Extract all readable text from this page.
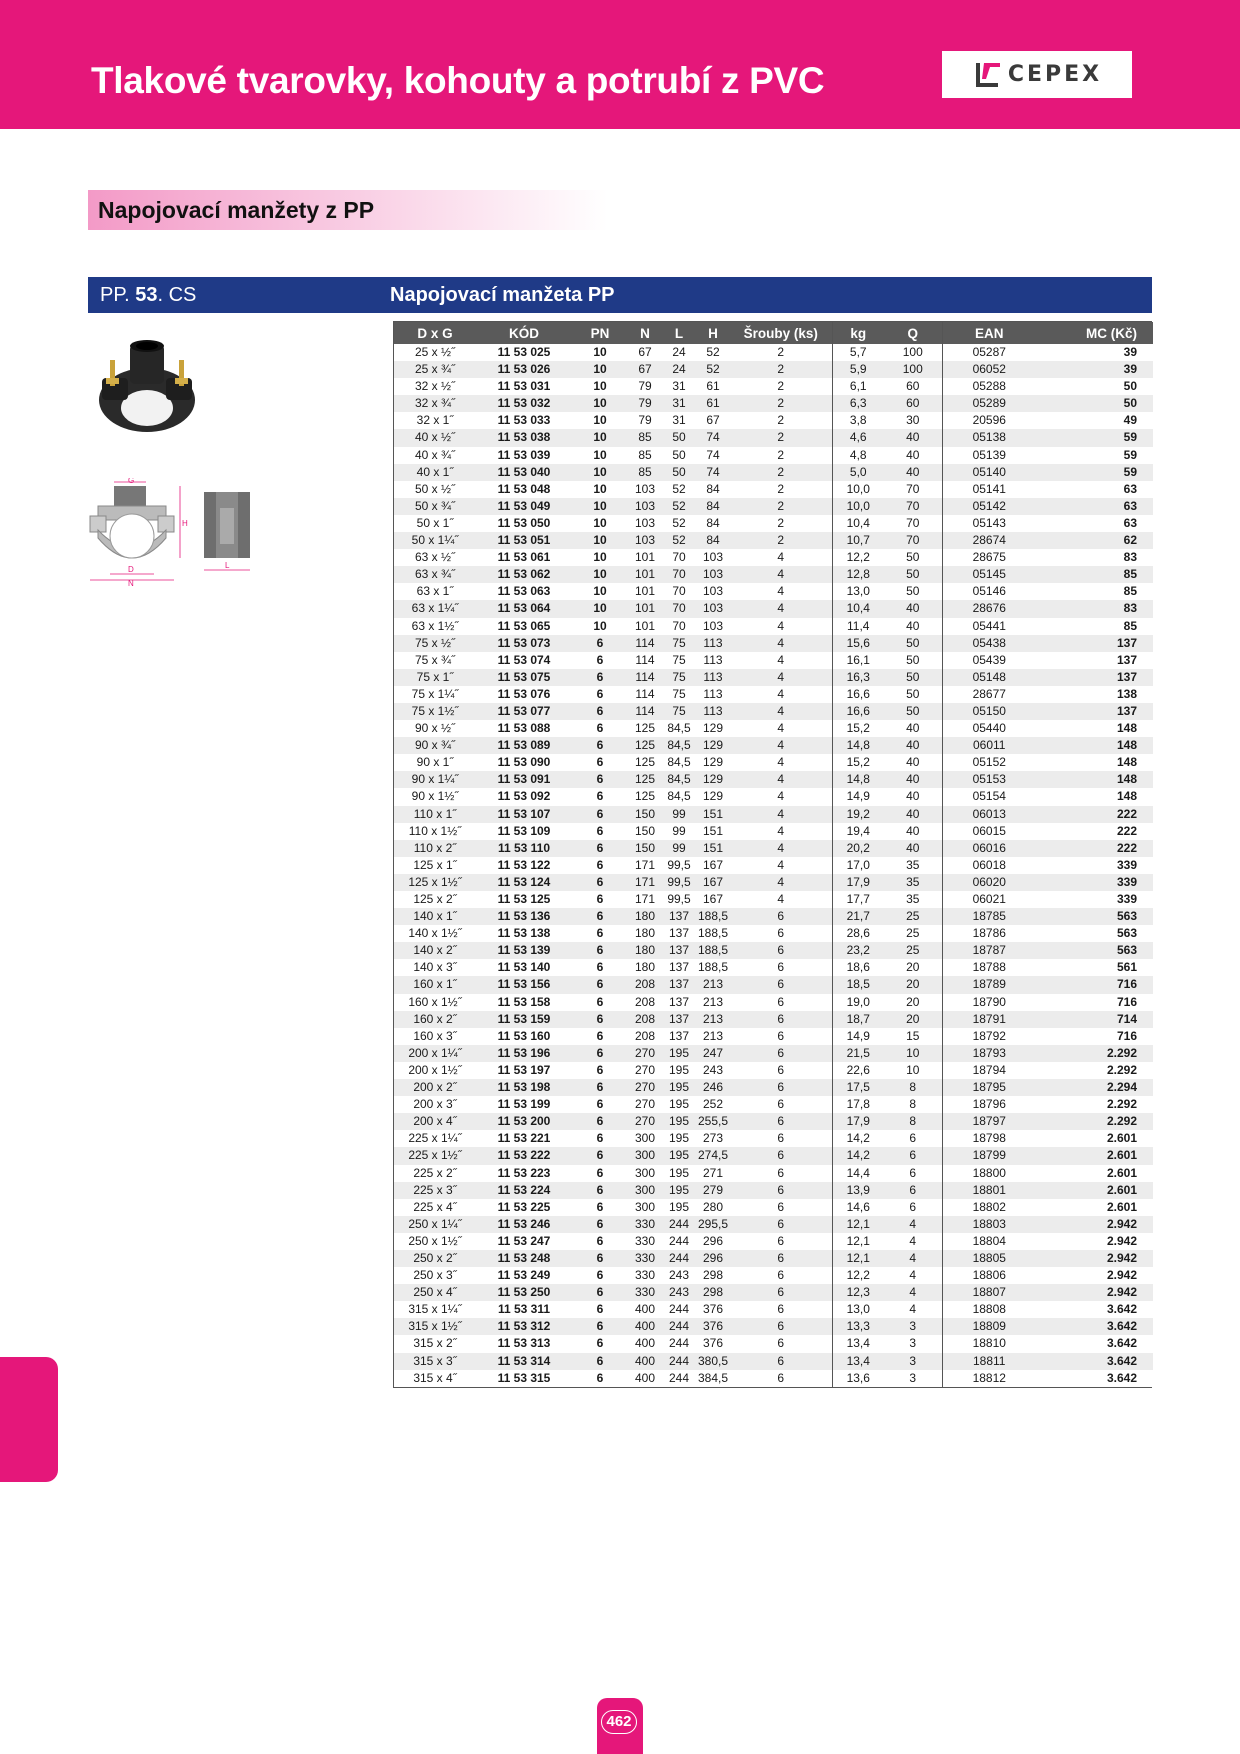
Tlakové tvarovky, kohouty a potrubí z PVC	CEPEX
Napojovací manžety z PP
PP. 53. CS	Napojovací manžeta PP
G
D
N
H
L
D x G	KÓD	PN	N	L	H	Šrouby (ks)	kg	Q	EAN	MC (Kč)
25 x ½˝	11 53 025	10	67	24	52	2	5,7	100	05287	39
25 x ¾˝	11 53 026	10	67	24	52	2	5,9	100	06052	39
32 x ½˝	11 53 031	10	79	31	61	2	6,1	60	05288	50
32 x ¾˝	11 53 032	10	79	31	61	2	6,3	60	05289	50
32 x 1˝	11 53 033	10	79	31	67	2	3,8	30	20596	49
40 x ½˝	11 53 038	10	85	50	74	2	4,6	40	05138	59
40 x ¾˝	11 53 039	10	85	50	74	2	4,8	40	05139	59
40 x 1˝	11 53 040	10	85	50	74	2	5,0	40	05140	59
50 x ½˝	11 53 048	10	103	52	84	2	10,0	70	05141	63
50 x ¾˝	11 53 049	10	103	52	84	2	10,0	70	05142	63
50 x 1˝	11 53 050	10	103	52	84	2	10,4	70	05143	63
50 x 1¼˝	11 53 051	10	103	52	84	2	10,7	70	28674	62
63 x ½˝	11 53 061	10	101	70	103	4	12,2	50	28675	83
63 x ¾˝	11 53 062	10	101	70	103	4	12,8	50	05145	85
63 x 1˝	11 53 063	10	101	70	103	4	13,0	50	05146	85
63 x 1¼˝	11 53 064	10	101	70	103	4	10,4	40	28676	83
63 x 1½˝	11 53 065	10	101	70	103	4	11,4	40	05441	85
75 x ½˝	11 53 073	6	114	75	113	4	15,6	50	05438	137
75 x ¾˝	11 53 074	6	114	75	113	4	16,1	50	05439	137
75 x 1˝	11 53 075	6	114	75	113	4	16,3	50	05148	137
75 x 1¼˝	11 53 076	6	114	75	113	4	16,6	50	28677	138
75 x 1½˝	11 53 077	6	114	75	113	4	16,6	50	05150	137
90 x ½˝	11 53 088	6	125	84,5	129	4	15,2	40	05440	148
90 x ¾˝	11 53 089	6	125	84,5	129	4	14,8	40	06011	148
90 x 1˝	11 53 090	6	125	84,5	129	4	15,2	40	05152	148
90 x 1¼˝	11 53 091	6	125	84,5	129	4	14,8	40	05153	148
90 x 1½˝	11 53 092	6	125	84,5	129	4	14,9	40	05154	148
110 x 1˝	11 53 107	6	150	99	151	4	19,2	40	06013	222
110 x 1½˝	11 53 109	6	150	99	151	4	19,4	40	06015	222
110 x 2˝	11 53 110	6	150	99	151	4	20,2	40	06016	222
125 x 1˝	11 53 122	6	171	99,5	167	4	17,0	35	06018	339
125 x 1½˝	11 53 124	6	171	99,5	167	4	17,9	35	06020	339
125 x 2˝	11 53 125	6	171	99,5	167	4	17,7	35	06021	339
140 x 1˝	11 53 136	6	180	137	188,5	6	21,7	25	18785	563
140 x 1½˝	11 53 138	6	180	137	188,5	6	28,6	25	18786	563
140 x 2˝	11 53 139	6	180	137	188,5	6	23,2	25	18787	563
140 x 3˝	11 53 140	6	180	137	188,5	6	18,6	20	18788	561
160 x 1˝	11 53 156	6	208	137	213	6	18,5	20	18789	716
160 x 1½˝	11 53 158	6	208	137	213	6	19,0	20	18790	716
160 x 2˝	11 53 159	6	208	137	213	6	18,7	20	18791	714
160 x 3˝	11 53 160	6	208	137	213	6	14,9	15	18792	716
200 x 1¼˝	11 53 196	6	270	195	247	6	21,5	10	18793	2.292
200 x 1½˝	11 53 197	6	270	195	243	6	22,6	10	18794	2.292
200 x 2˝	11 53 198	6	270	195	246	6	17,5	8	18795	2.294
200 x 3˝	11 53 199	6	270	195	252	6	17,8	8	18796	2.292
200 x 4˝	11 53 200	6	270	195	255,5	6	17,9	8	18797	2.292
225 x 1¼˝	11 53 221	6	300	195	273	6	14,2	6	18798	2.601
225 x 1½˝	11 53 222	6	300	195	274,5	6	14,2	6	18799	2.601
225 x 2˝	11 53 223	6	300	195	271	6	14,4	6	18800	2.601
225 x 3˝	11 53 224	6	300	195	279	6	13,9	6	18801	2.601
225 x 4˝	11 53 225	6	300	195	280	6	14,6	6	18802	2.601
250 x 1¼˝	11 53 246	6	330	244	295,5	6	12,1	4	18803	2.942
250 x 1½˝	11 53 247	6	330	244	296	6	12,1	4	18804	2.942
250 x 2˝	11 53 248	6	330	244	296	6	12,1	4	18805	2.942
250 x 3˝	11 53 249	6	330	243	298	6	12,2	4	18806	2.942
250 x 4˝	11 53 250	6	330	243	298	6	12,3	4	18807	2.942
315 x 1¼˝	11 53 311	6	400	244	376	6	13,0	4	18808	3.642
315 x 1½˝	11 53 312	6	400	244	376	6	13,3	3	18809	3.642
315 x 2˝	11 53 313	6	400	244	376	6	13,4	3	18810	3.642
315 x 3˝	11 53 314	6	400	244	380,5	6	13,4	3	18811	3.642
315 x 4˝	11 53 315	6	400	244	384,5	6	13,6	3	18812	3.642
462
